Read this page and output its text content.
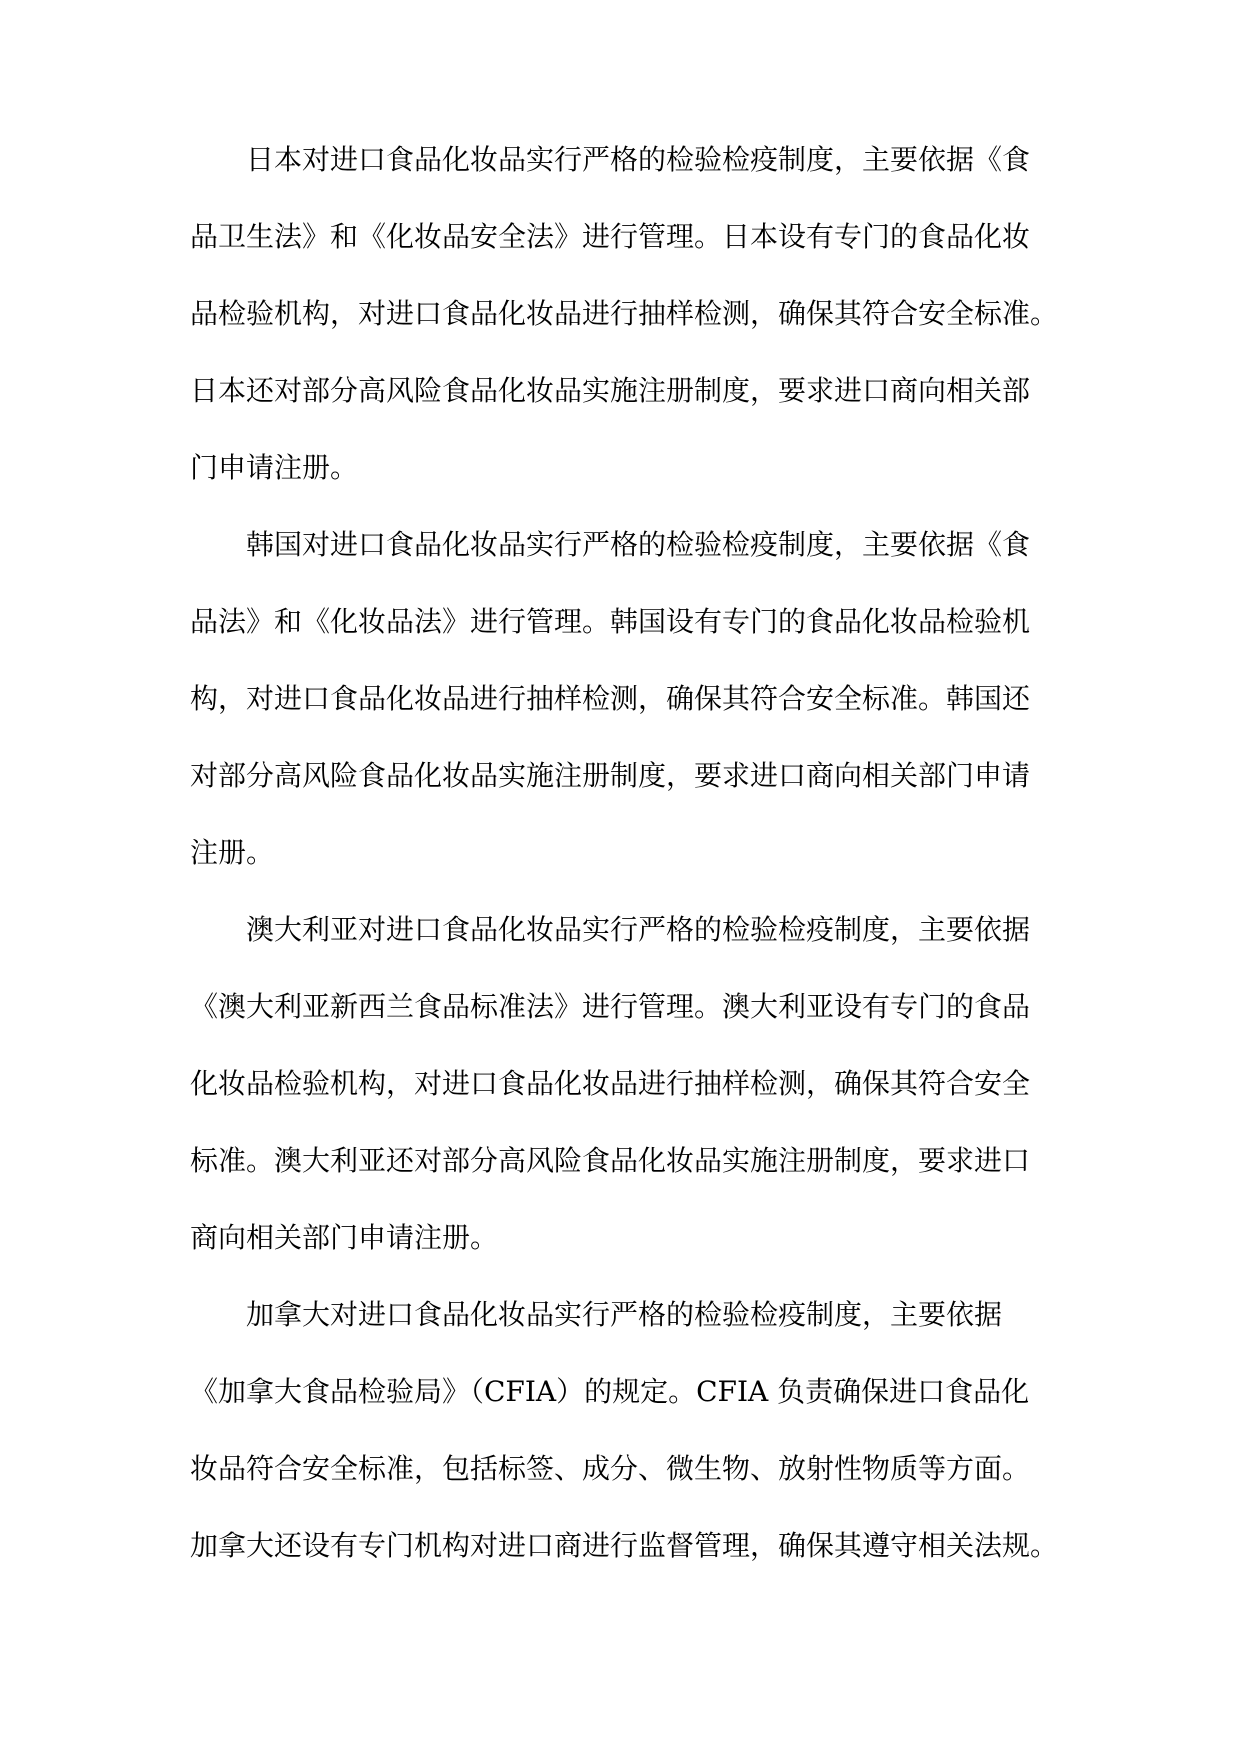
日本对进口食品化妆品实行严格的检验检疫制度，主要依据《食
品卫生法》和《化妆品安全法》进行管理。日本设有专门的食品化妆
品检验机构，对进口食品化妆品进行抽样检测，确保其符合安全标准。
日本还对部分高风险食品化妆品实施注册制度，要求进口商向相关部
门申请注册。
韩国对进口食品化妆品实行严格的检验检疫制度，主要依据《食
品法》和《化妆品法》进行管理。韩国设有专门的食品化妆品检验机
构，对进口食品化妆品进行抽样检测，确保其符合安全标准。韩国还
对部分高风险食品化妆品实施注册制度，要求进口商向相关部门申请
注册。
澳大利亚对进口食品化妆品实行严格的检验检疫制度，主要依据
《澳大利亚新西兰食品标准法》进行管理。澳大利亚设有专门的食品
化妆品检验机构，对进口食品化妆品进行抽样检测，确保其符合安全
标准。澳大利亚还对部分高风险食品化妆品实施注册制度，要求进口
商向相关部门申请注册。
加拿大对进口食品化妆品实行严格的检验检疫制度，主要依据
《加拿大食品检验局》（CFIA）的规定。CFIA 负责确保进口食品化
妆品符合安全标准，包括标签、成分、微生物、放射性物质等方面。
加拿大还设有专门机构对进口商进行监督管理，确保其遵守相关法规。
